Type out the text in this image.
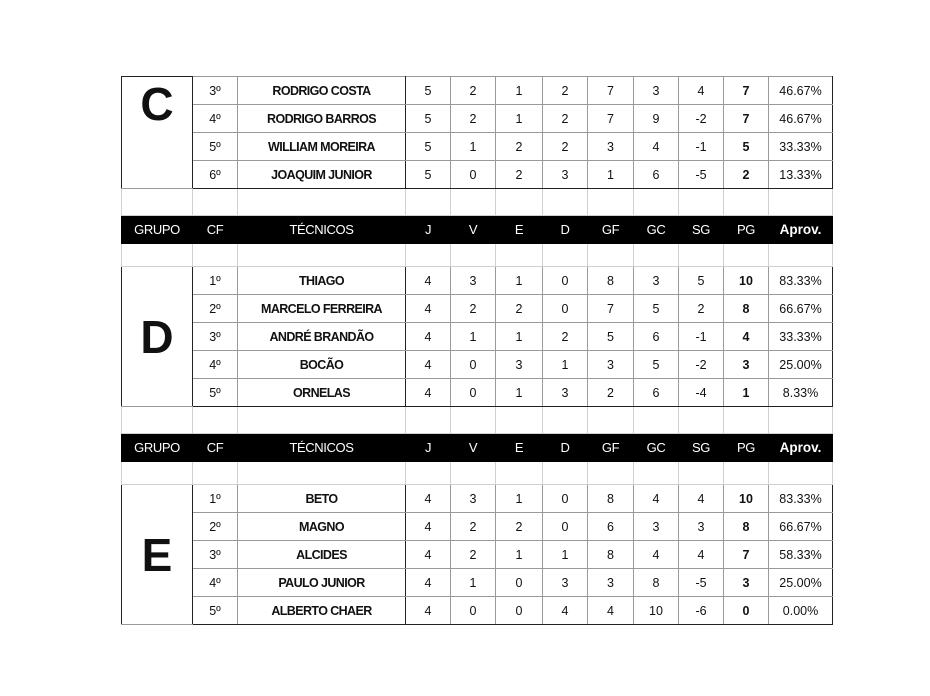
C	3º	RODRIGO COSTA	5	2	1	2	7	3	4	7	46.67%
	4º	RODRIGO BARROS	5	2	1	2	7	9	-2	7	46.67%
	5º	WILLIAM MOREIRA	5	1	2	2	3	4	-1	5	33.33%
	6º	JOAQUIM JUNIOR	5	0	2	3	1	6	-5	2	13.33%

GRUPO	CF	TÉCNICOS	J	V	E	D	GF	GC	SG	PG	Aprov.

D	1º	THIAGO	4	3	1	0	8	3	5	10	83.33%
	2º	MARCELO FERREIRA	4	2	2	0	7	5	2	8	66.67%
	3º	ANDRÉ BRANDÃO	4	1	1	2	5	6	-1	4	33.33%
	4º	BOCÃO	4	0	3	1	3	5	-2	3	25.00%
	5º	ORNELAS	4	0	1	3	2	6	-4	1	8.33%

GRUPO	CF	TÉCNICOS	J	V	E	D	GF	GC	SG	PG	Aprov.

E	1º	BETO	4	3	1	0	8	4	4	10	83.33%
	2º	MAGNO	4	2	2	0	6	3	3	8	66.67%
	3º	ALCIDES	4	2	1	1	8	4	4	7	58.33%
	4º	PAULO JUNIOR	4	1	0	3	3	8	-5	3	25.00%
	5º	ALBERTO CHAER	4	0	0	4	4	10	-6	0	0.00%
